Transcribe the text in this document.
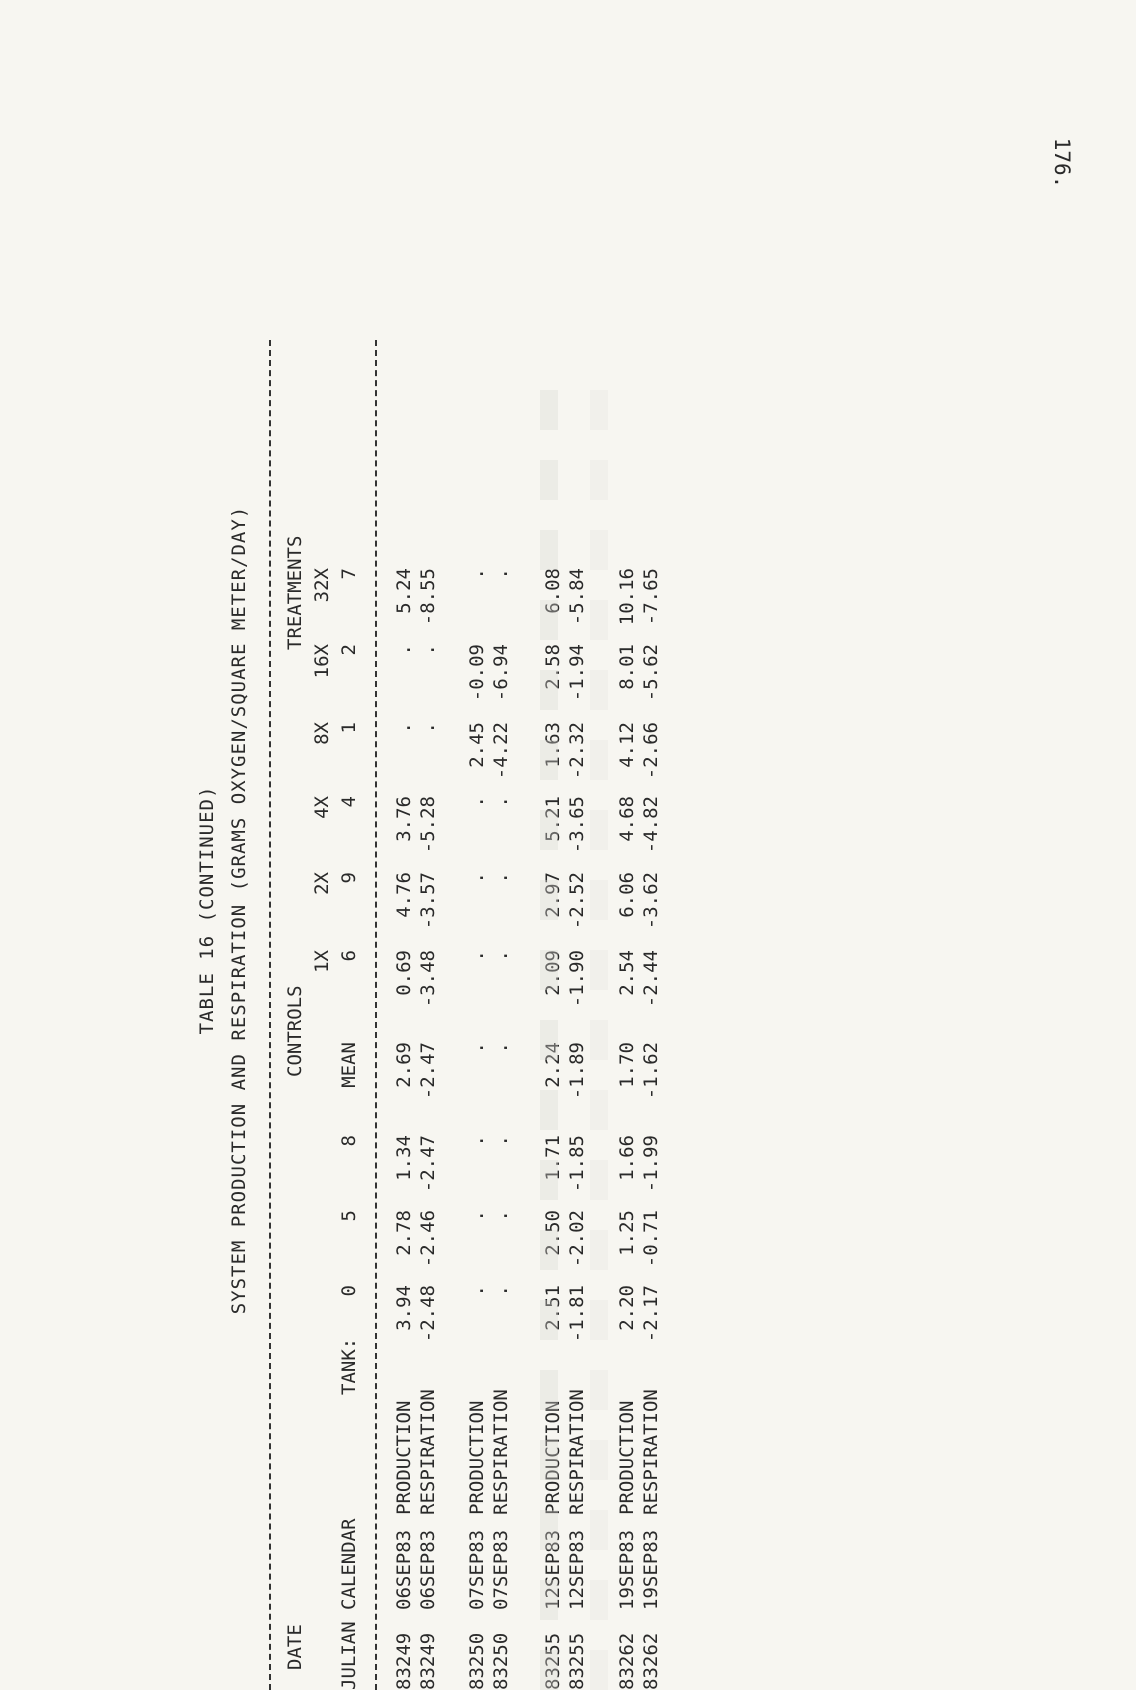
176.
TABLE 16 (CONTINUED) SYSTEM PRODUCTION AND RESPIRATION (GRAMS OXYGEN/SQUARE METER/DAY)
DATE
CONTROLS
TREATMENTS
JULIAN
CALENDAR
TANK:
0
5
8
MEAN
1X
2X
4X
8X
16X
32X
6
9
4
1
2
7
83249
06SEP83
PRODUCTION
3.94
2.78
1.34
2.69
0.69
4.76
3.76
.
.
5.24
83249
06SEP83
RESPIRATION
-2.48
-2.46
-2.47
-2.47
-3.48
-3.57
-5.28
.
.
-8.55
83250
07SEP83
PRODUCTION
.
.
.
.
.
.
.
2.45
-0.09
.
83250
07SEP83
RESPIRATION
.
.
.
.
.
.
.
-4.22
-6.94
.
83255
12SEP83
PRODUCTION
2.51
2.50
1.71
2.24
2.09
2.97
5.21
1.63
2.58
6.08
83255
12SEP83
RESPIRATION
-1.81
-2.02
-1.85
-1.89
-1.90
-2.52
-3.65
-2.32
-1.94
-5.84
83262
19SEP83
PRODUCTION
2.20
1.25
1.66
1.70
2.54
6.06
4.68
4.12
8.01
10.16
83262
19SEP83
RESPIRATION
-2.17
-0.71
-1.99
-1.62
-2.44
-3.62
-4.82
-2.66
-5.62
-7.65
